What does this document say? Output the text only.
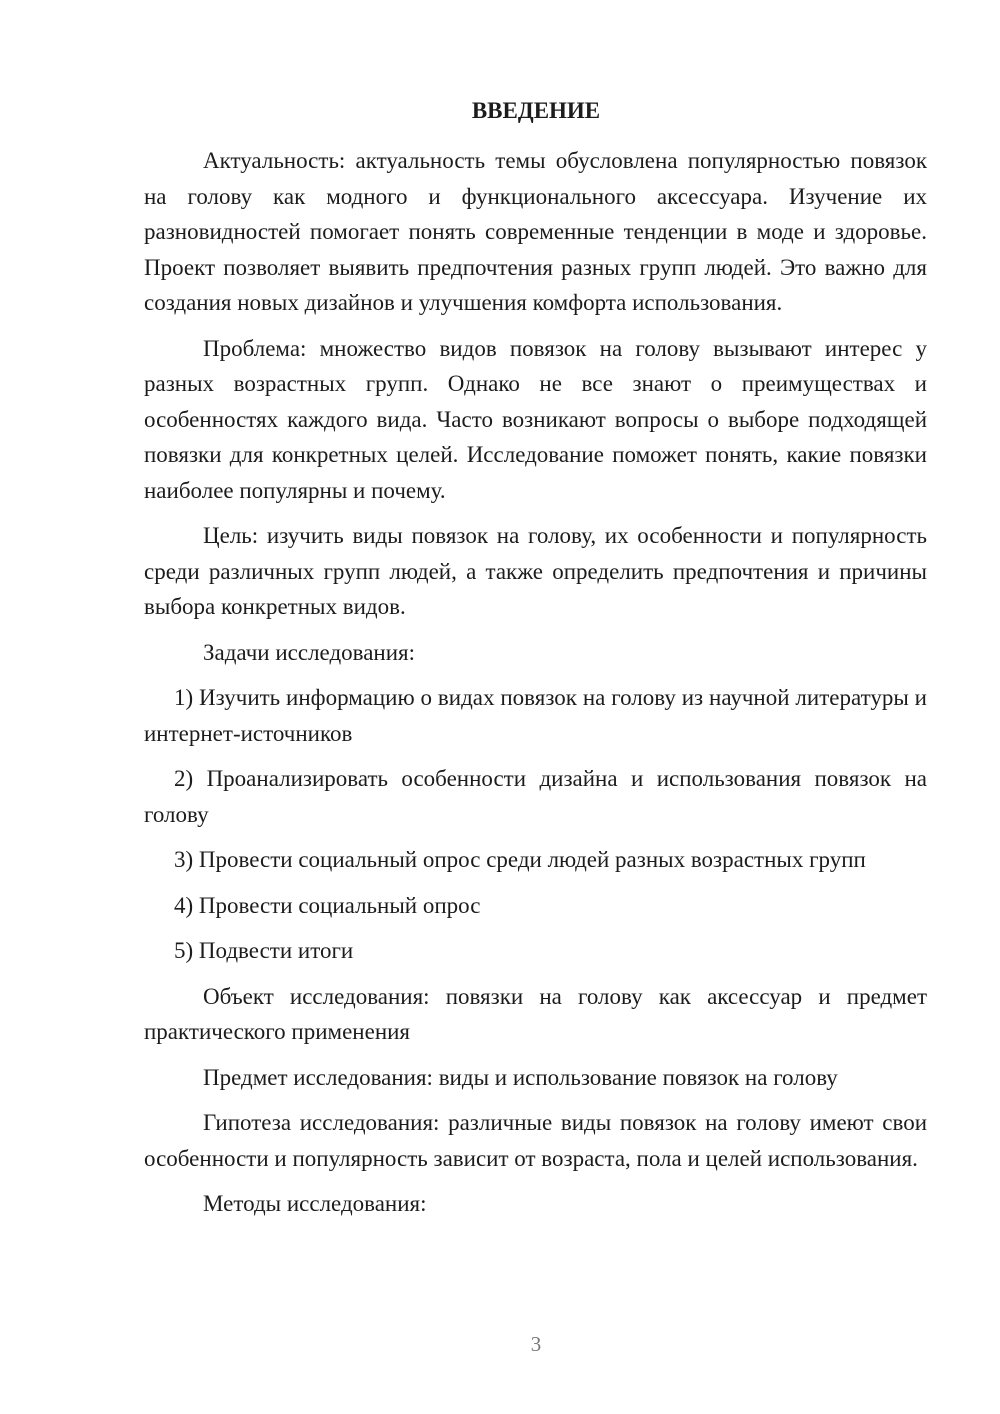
ВВЕДЕНИЕ

Актуальность: актуальность темы обусловлена популярностью повязок на голову как модного и функционального аксессуара. Изучение их разновидностей помогает понять современные тенденции в моде и здоровье. Проект позволяет выявить предпочтения разных групп людей. Это важно для создания новых дизайнов и улучшения комфорта использования.

Проблема: множество видов повязок на голову вызывают интерес у разных возрастных групп. Однако не все знают о преимуществах и особенностях каждого вида. Часто возникают вопросы о выборе подходящей повязки для конкретных целей. Исследование поможет понять, какие повязки наиболее популярны и почему.

Цель: изучить виды повязок на голову, их особенности и популярность среди различных групп людей, а также определить предпочтения и причины выбора конкретных видов.

Задачи исследования:

1) Изучить информацию о видах повязок на голову из научной литературы и интернет-источников

2) Проанализировать особенности дизайна и использования повязок на голову

3) Провести социальный опрос среди людей разных возрастных групп

4) Провести социальный опрос

5) Подвести итоги

Объект исследования: повязки на голову как аксессуар и предмет практического применения

Предмет исследования: виды и использование повязок на голову

Гипотеза исследования: различные виды повязок на голову имеют свои особенности и популярность зависит от возраста, пола и целей использования.

Методы исследования:

3
